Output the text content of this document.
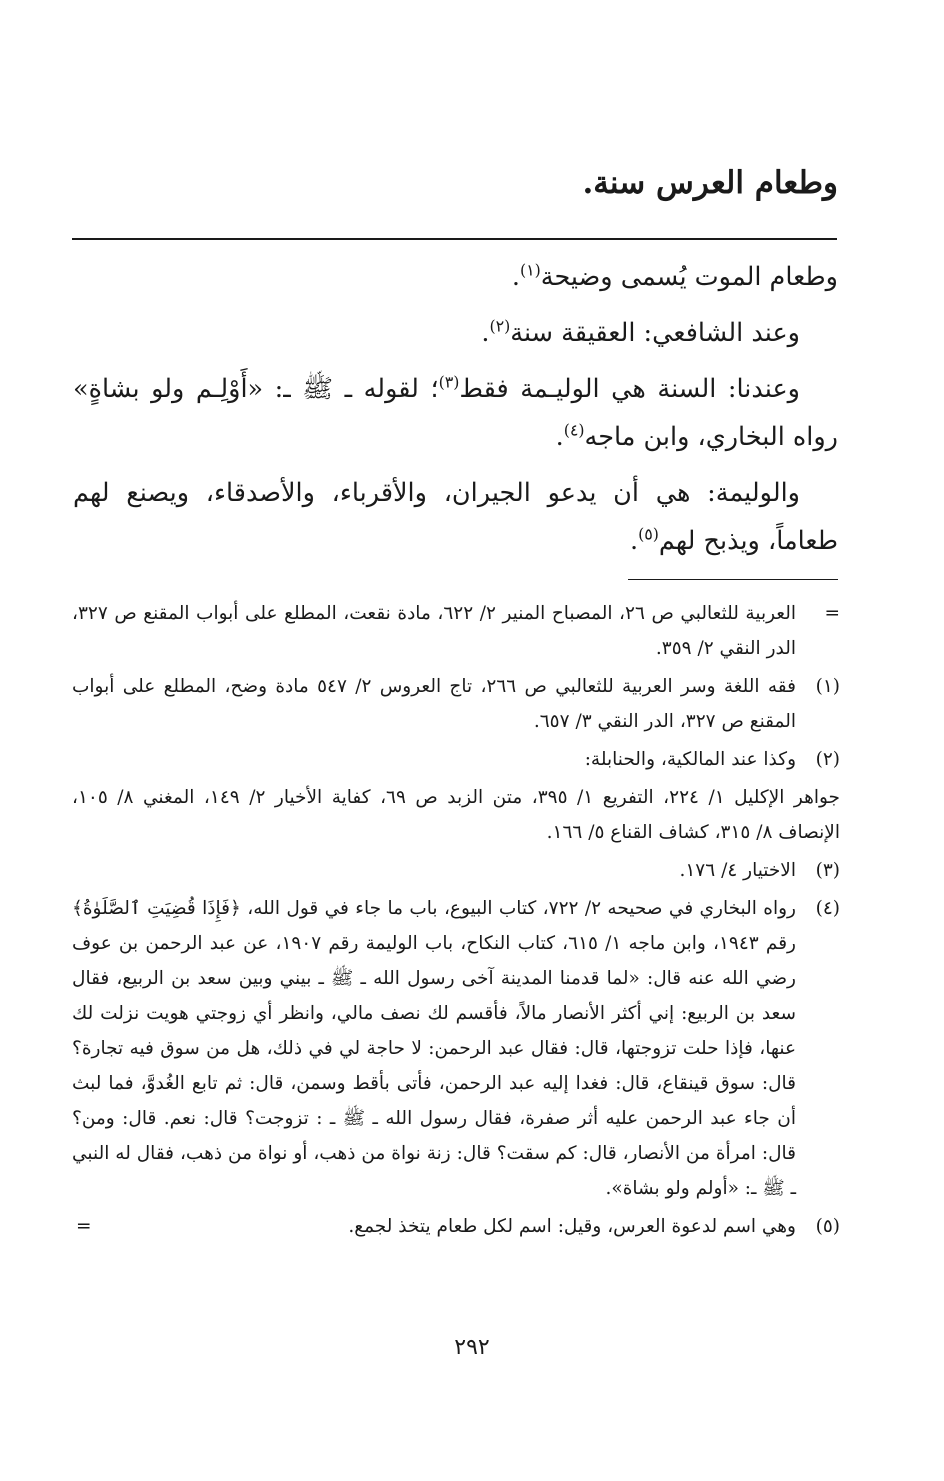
وطعام العرس سنة.

وطعام الموت يُسمى وضيحة$^{(١)}$.

وعند الشافعي: العقيقة سنة$^{(٢)}$.

وعندنا: السنة هي الوليـمة فقط$^{(٣)}$؛ لقوله ـ ﷺ ـ: «أَوْلِـم ولو بشاةٍ» رواه البخاري، وابن ماجه$^{(٤)}$.

والوليمة: هي أن يدعو الجيران، والأقرباء، والأصدقاء، ويصنع لهم طعاماً، ويذبح لهم$^{(٥)}$.

=
العربية للثعالبي ص ٢٦، المصباح المنير ٢/ ٦٢٢، مادة نقعت، المطلع على أبواب المقنع ص ٣٢٧، الدر النقي ٢/ ٣٥٩.
(١)
فقه اللغة وسر العربية للثعالبي ص ٢٦٦، تاج العروس ٢/ ٥٤٧ مادة وضح، المطلع على أبواب المقنع ص ٣٢٧، الدر النقي ٣/ ٦٥٧.
(٢)
وكذا عند المالكية، والحنابلة:
جواهر الإكليل ١/ ٢٢٤، التفريع ١/ ٣٩٥، متن الزبد ص ٦٩، كفاية الأخيار ٢/ ١٤٩، المغني ٨/ ١٠٥، الإنصاف ٨/ ٣١٥، كشاف القناع ٥/ ١٦٦.
(٣)
الاختيار ٤/ ١٧٦.
(٤)
رواه البخاري في صحيحه ٢/ ٧٢٢، كتاب البيوع، باب ما جاء في قول الله، ﴿فَإِذَا قُضِيَتِ ٱلصَّلَوٰةُ﴾ رقم ١٩٤٣، وابن ماجه ١/ ٦١٥، كتاب النكاح، باب الوليمة رقم ١٩٠٧، عن عبد الرحمن بن عوف رضي الله عنه قال: «لما قدمنا المدينة آخى رسول الله ـ ﷺ ـ بيني وبين سعد بن الربيع، فقال سعد بن الربيع: إني أكثر الأنصار مالاً، فأقسم لك نصف مالي، وانظر أي زوجتي هويت نزلت لك عنها، فإذا حلت تزوجتها، قال: فقال عبد الرحمن: لا حاجة لي في ذلك، هل من سوق فيه تجارة؟ قال: سوق قينقاع، قال: فغدا إليه عبد الرحمن، فأتى بأقط وسمن، قال: ثم تابع الغُدوَّ، فما لبث أن جاء عبد الرحمن عليه أثر صفرة، فقال رسول الله ـ ﷺ ـ : تزوجت؟ قال: نعم. قال: ومن؟ قال: امرأة من الأنصار، قال: كم سقت؟ قال: زنة نواة من ذهب، أو نواة من ذهب، فقال له النبي ـ ﷺ ـ: «أولم ولو بشاة».
(٥)
وهي اسم لدعوة العرس، وقيل: اسم لكل طعام يتخذ لجمع.
=
٢٩٢
